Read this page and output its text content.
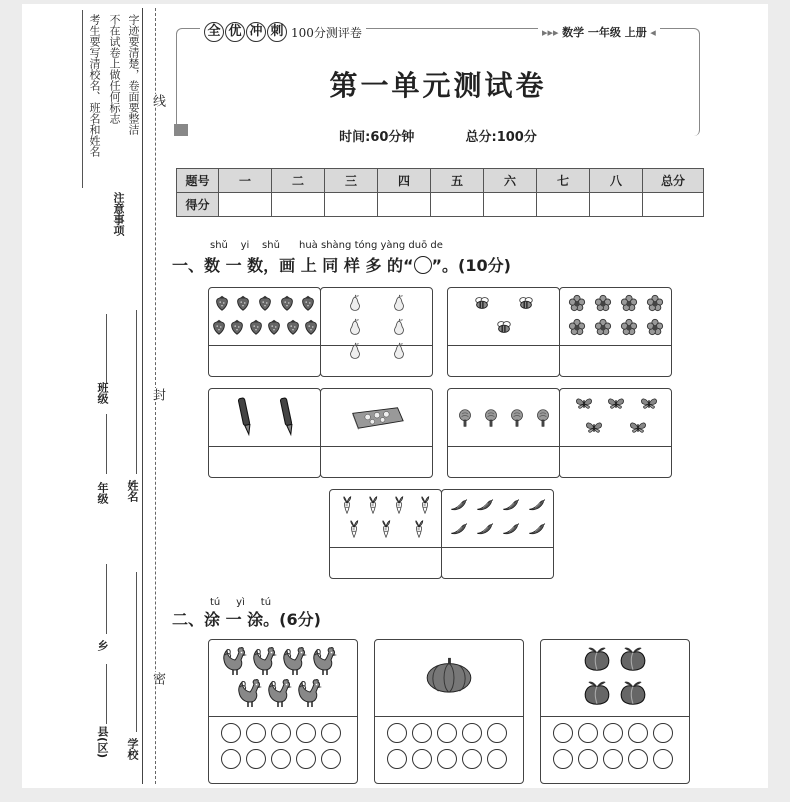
考生要写清校名、班名和姓名 不在试卷上做任何标志 字迹要清楚，卷面要整洁
注意事项
线
封
密
班级
年级 姓名
乡
学校
县(区)
全 优 冲 刺 100分测评卷	▸▸▸ 数学 一年级 上册 ◂
第一单元测试卷
时间:60分钟	总分:100分
题号	一	二	三	四	五	六	七	八	总分
得分									
shǔ yi shǔ huà shàng tóng yàng duō de
一、数 一 数，画 上 同 样 多 的“ ”。(10分)
tú yì tú
二、涂 一 涂。(6分)
